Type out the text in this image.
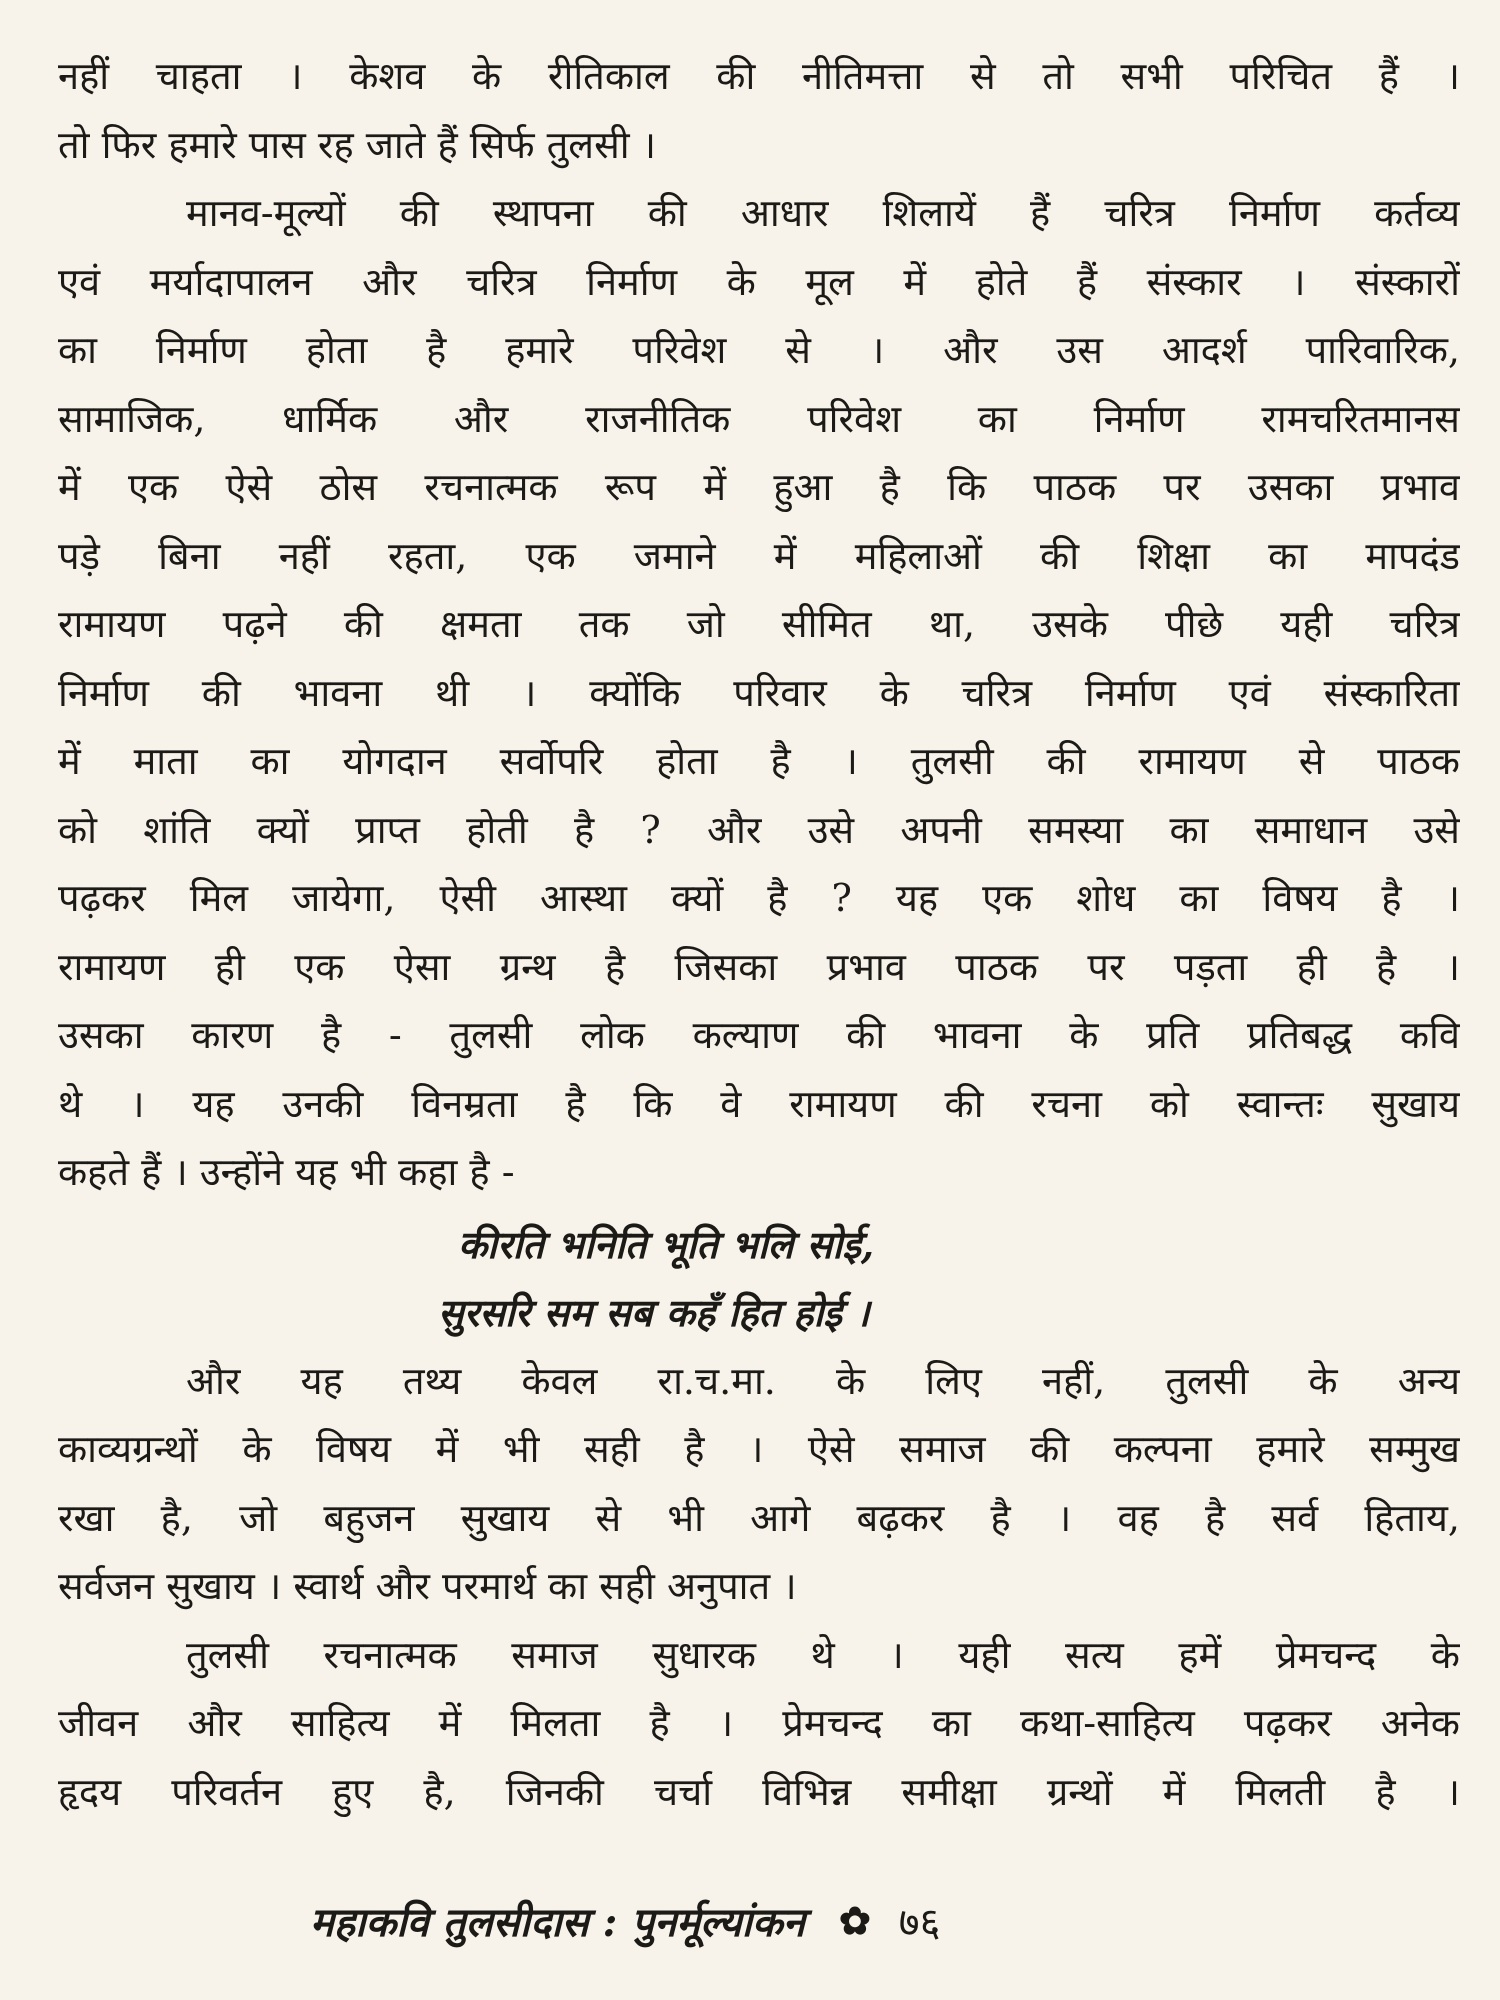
नहीं चाहता । केशव के रीतिकाल की नीतिमत्ता से तो सभी परिचित हैं ।
तो फिर हमारे पास रह जाते हैं सिर्फ तुलसी ।
मानव-मूल्यों की स्थापना की आधार शिलायें हैं चरित्र निर्माण कर्तव्य
एवं मर्यादापालन और चरित्र निर्माण के मूल में होते हैं संस्कार । संस्कारों
का निर्माण होता है हमारे परिवेश से । और उस आदर्श पारिवारिक,
सामाजिक, धार्मिक और राजनीतिक परिवेश का निर्माण रामचरितमानस
में एक ऐसे ठोस रचनात्मक रूप में हुआ है कि पाठक पर उसका प्रभाव
पड़े बिना नहीं रहता, एक जमाने में महिलाओं की शिक्षा का मापदंड
रामायण पढ़ने की क्षमता तक जो सीमित था, उसके पीछे यही चरित्र
निर्माण की भावना थी । क्योंकि परिवार के चरित्र निर्माण एवं संस्कारिता
में माता का योगदान सर्वोपरि होता है । तुलसी की रामायण से पाठक
को शांति क्यों प्राप्त होती है ? और उसे अपनी समस्या का समाधान उसे
पढ़कर मिल जायेगा, ऐसी आस्था क्यों है ? यह एक शोध का विषय है ।
रामायण ही एक ऐसा ग्रन्थ है जिसका प्रभाव पाठक पर पड़ता ही है ।
उसका कारण है - तुलसी लोक कल्याण की भावना के प्रति प्रतिबद्ध कवि
थे । यह उनकी विनम्रता है कि वे रामायण की रचना को स्वान्तः सुखाय
कहते हैं । उन्होंने यह भी कहा है -
कीरति भनिति भूति भलि सोई,
सुरसरि सम सब कहँ हित होई ।
और यह तथ्य केवल रा.च.मा. के लिए नहीं, तुलसी के अन्य
काव्यग्रन्थों के विषय में भी सही है । ऐसे समाज की कल्पना हमारे सम्मुख
रखा है, जो बहुजन सुखाय से भी आगे बढ़कर है । वह है सर्व हिताय,
सर्वजन सुखाय । स्वार्थ और परमार्थ का सही अनुपात ।
तुलसी रचनात्मक समाज सुधारक थे । यही सत्य हमें प्रेमचन्द के
जीवन और साहित्य में मिलता है । प्रेमचन्द का कथा-साहित्य पढ़कर अनेक
हृदय परिवर्तन हुए है, जिनकी चर्चा विभिन्न समीक्षा ग्रन्थों में मिलती है ।
महाकवि तुलसीदास : पुनर्मूल्यांकन ✿ ७६
